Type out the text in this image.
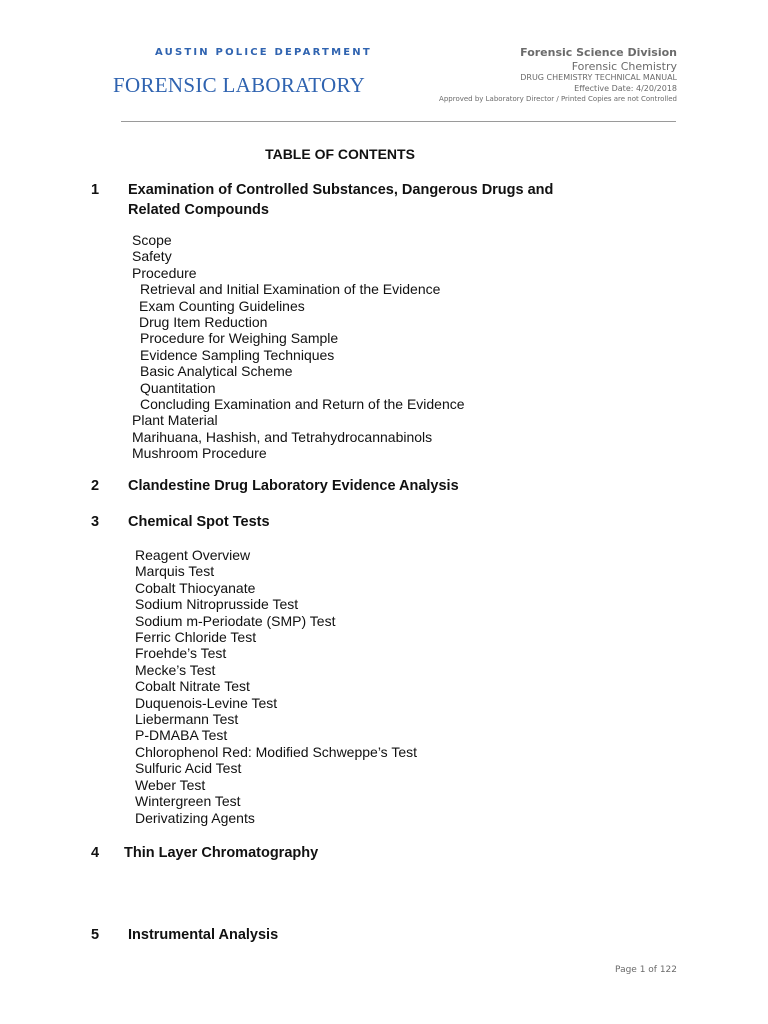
AUSTIN POLICE DEPARTMENT
FORENSIC LABORATORY
Forensic Science Division
Forensic Chemistry
DRUG CHEMISTRY TECHNICAL MANUAL
Effective Date: 4/20/2018
Approved by Laboratory Director / Printed Copies are not Controlled
TABLE OF CONTENTS
1 Examination of Controlled Substances, Dangerous Drugs and
Related Compounds
Scope
Safety
Procedure
Retrieval and Initial Examination of the Evidence
Exam Counting Guidelines
Drug Item Reduction
Procedure for Weighing Sample
Evidence Sampling Techniques
Basic Analytical Scheme
Quantitation
Concluding Examination and Return of the Evidence
Plant Material
Marihuana, Hashish, and Tetrahydrocannabinols
Mushroom Procedure
2 Clandestine Drug Laboratory Evidence Analysis
3 Chemical Spot Tests
Reagent Overview
Marquis Test
Cobalt Thiocyanate
Sodium Nitroprusside Test
Sodium m-Periodate (SMP) Test
Ferric Chloride Test
Froehde’s Test
Mecke’s Test
Cobalt Nitrate Test
Duquenois-Levine Test
Liebermann Test
P-DMABA Test
Chlorophenol Red: Modified Schweppe’s Test
Sulfuric Acid Test
Weber Test
Wintergreen Test
Derivatizing Agents
4 Thin Layer Chromatography
5 Instrumental Analysis
Page 1 of 122
